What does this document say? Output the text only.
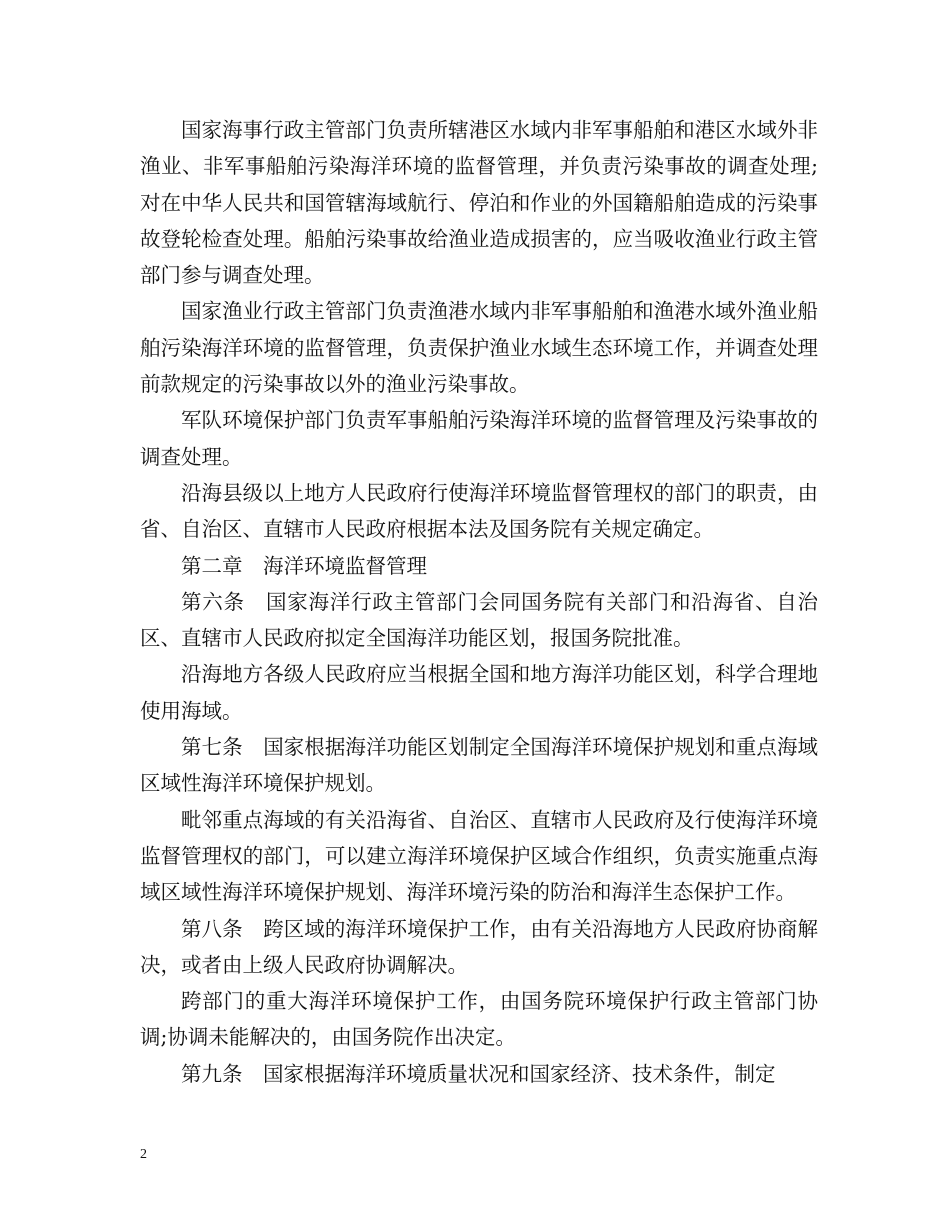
国家海事行政主管部门负责所辖港区水域内非军事船舶和港区水域外非渔业、非军事船舶污染海洋环境的监督管理，并负责污染事故的调查处理;对在中华人民共和国管辖海域航行、停泊和作业的外国籍船舶造成的污染事故登轮检查处理。船舶污染事故给渔业造成损害的，应当吸收渔业行政主管部门参与调查处理。

国家渔业行政主管部门负责渔港水域内非军事船舶和渔港水域外渔业船舶污染海洋环境的监督管理，负责保护渔业水域生态环境工作，并调查处理前款规定的污染事故以外的渔业污染事故。

军队环境保护部门负责军事船舶污染海洋环境的监督管理及污染事故的调查处理。

沿海县级以上地方人民政府行使海洋环境监督管理权的部门的职责，由省、自治区、直辖市人民政府根据本法及国务院有关规定确定。

第二章　海洋环境监督管理

第六条　国家海洋行政主管部门会同国务院有关部门和沿海省、自治区、直辖市人民政府拟定全国海洋功能区划，报国务院批准。

沿海地方各级人民政府应当根据全国和地方海洋功能区划，科学合理地使用海域。

第七条　国家根据海洋功能区划制定全国海洋环境保护规划和重点海域区域性海洋环境保护规划。

毗邻重点海域的有关沿海省、自治区、直辖市人民政府及行使海洋环境监督管理权的部门，可以建立海洋环境保护区域合作组织，负责实施重点海域区域性海洋环境保护规划、海洋环境污染的防治和海洋生态保护工作。

第八条　跨区域的海洋环境保护工作，由有关沿海地方人民政府协商解决，或者由上级人民政府协调解决。

跨部门的重大海洋环境保护工作，由国务院环境保护行政主管部门协调;协调未能解决的，由国务院作出决定。

第九条　国家根据海洋环境质量状况和国家经济、技术条件，制定

2
